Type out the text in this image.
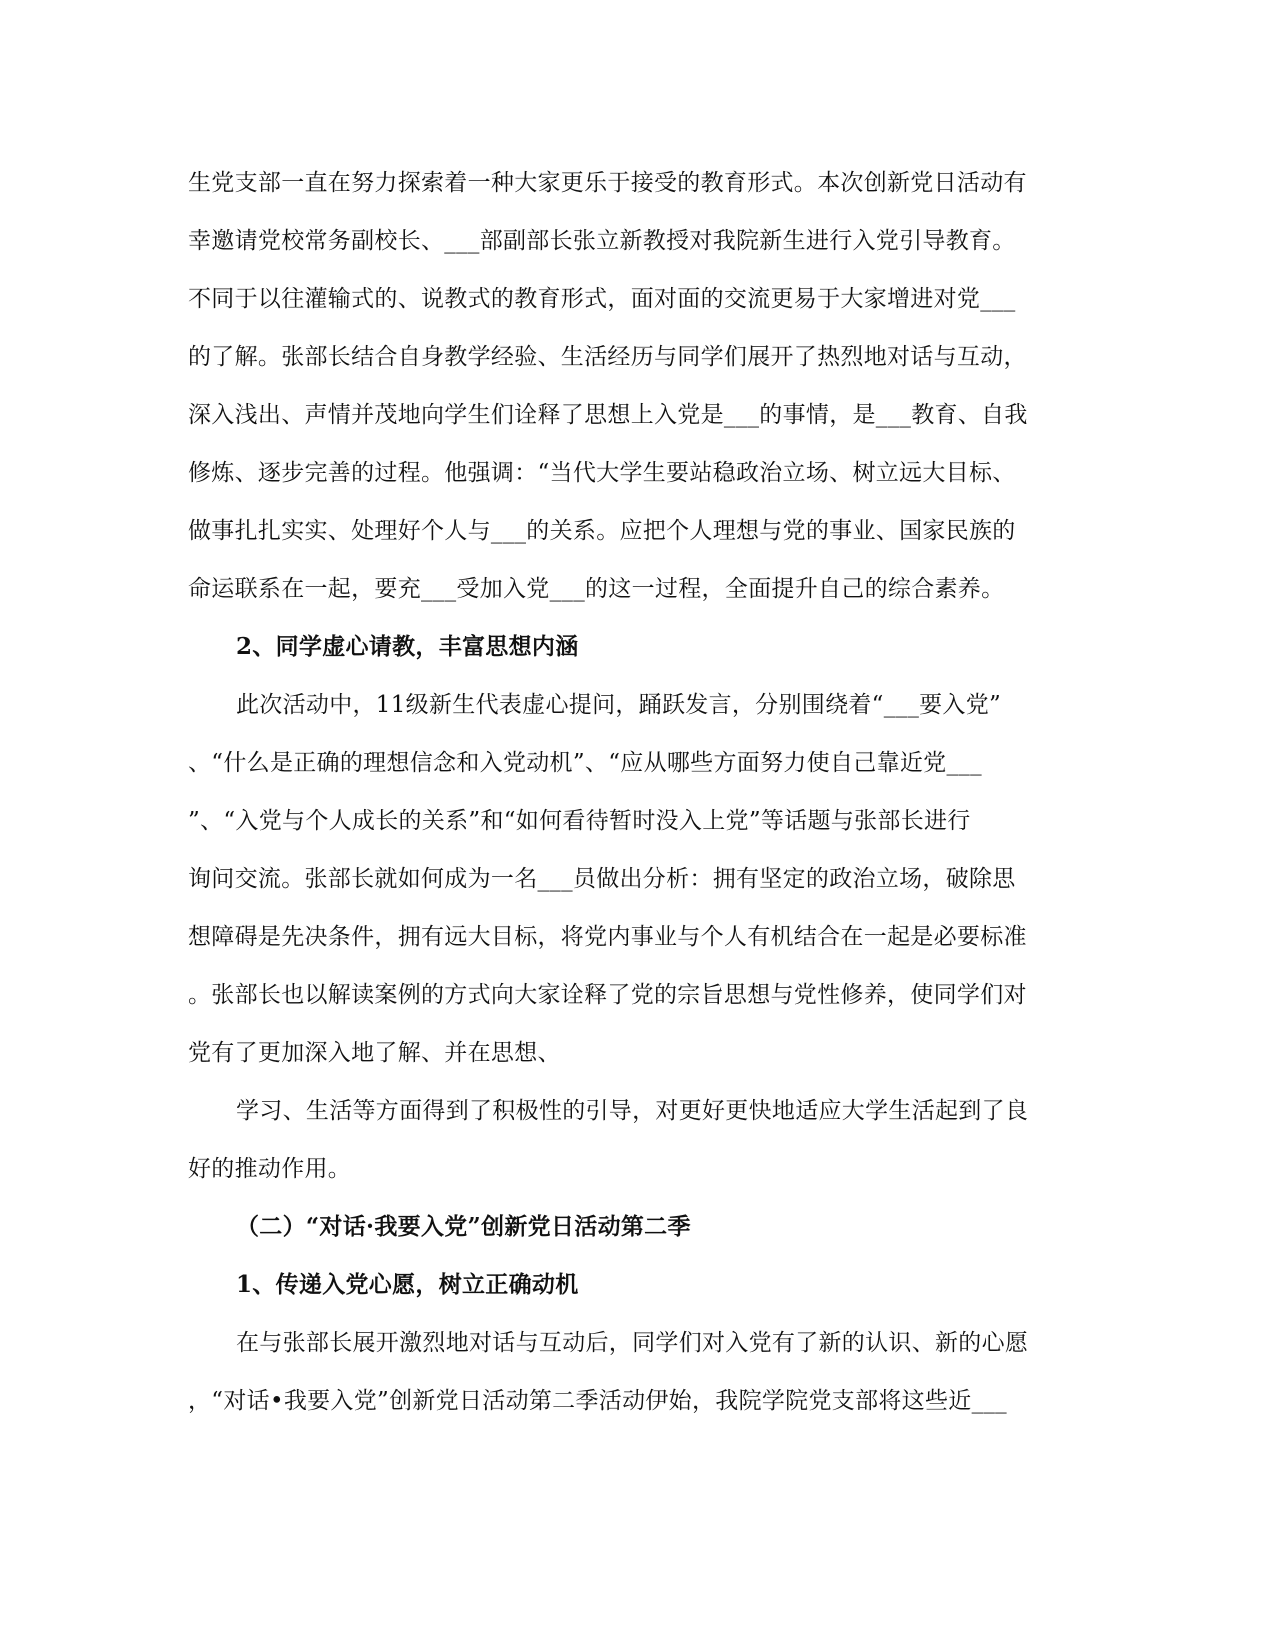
生党支部一直在努力探索着一种大家更乐于接受的教育形式。本次创新党日活动有
幸邀请党校常务副校长、___部副部长张立新教授对我院新生进行入党引导教育。
不同于以往灌输式的、说教式的教育形式，面对面的交流更易于大家增进对党___
的了解。张部长结合自身教学经验、生活经历与同学们展开了热烈地对话与互动，
深入浅出、声情并茂地向学生们诠释了思想上入党是___的事情，是___教育、自我
修炼、逐步完善的过程。他强调：“当代大学生要站稳政治立场、树立远大目标、
做事扎扎实实、处理好个人与___的关系。应把个人理想与党的事业、国家民族的
命运联系在一起，要充___受加入党___的这一过程，全面提升自己的综合素养。
2、同学虚心请教，丰富思想内涵
此次活动中，11级新生代表虚心提问，踊跃发言，分别围绕着“___要入党”
、“什么是正确的理想信念和入党动机”、“应从哪些方面努力使自己靠近党___
”、“入党与个人成长的关系”和“如何看待暂时没入上党”等话题与张部长进行
询问交流。张部长就如何成为一名___员做出分析：拥有坚定的政治立场，破除思
想障碍是先决条件，拥有远大目标，将党内事业与个人有机结合在一起是必要标准
。张部长也以解读案例的方式向大家诠释了党的宗旨思想与党性修养，使同学们对
党有了更加深入地了解、并在思想、
学习、生活等方面得到了积极性的引导，对更好更快地适应大学生活起到了良
好的推动作用。
（二）“对话·我要入党”创新党日活动第二季
1、传递入党心愿，树立正确动机
在与张部长展开激烈地对话与互动后，同学们对入党有了新的认识、新的心愿
，“对话•我要入党”创新党日活动第二季活动伊始，我院学院党支部将这些近___
